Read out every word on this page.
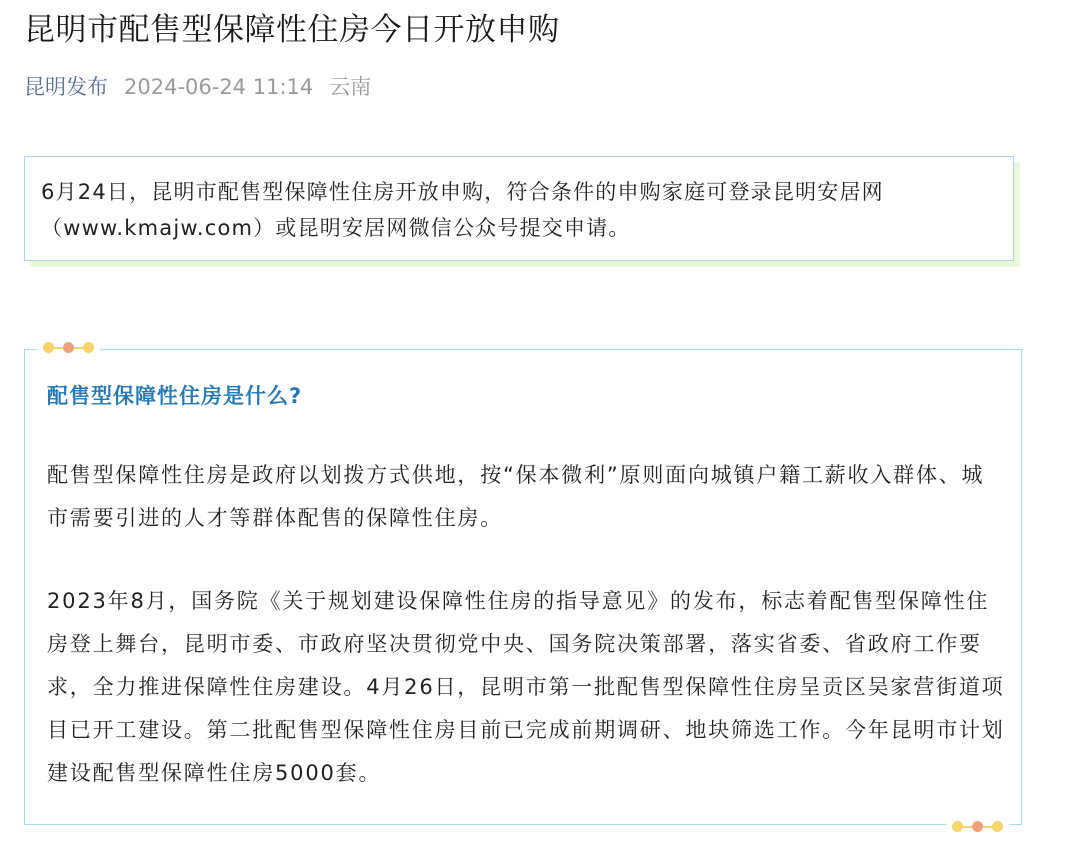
昆明市配售型保障性住房今日开放申购
昆明发布 2024-06-24 11:14 云南
6月24日，昆明市配售型保障性住房开放申购，符合条件的申购家庭可登录昆明安居网（www.kmajw.com）或昆明安居网微信公众号提交申请。
配售型保障性住房是什么?
配售型保障性住房是政府以划拨方式供地，按“保本微利”原则面向城镇户籍工薪收入群体、城市需要引进的人才等群体配售的保障性住房。
2023年8月，国务院《关于规划建设保障性住房的指导意见》的发布，标志着配售型保障性住房登上舞台，昆明市委、市政府坚决贯彻党中央、国务院决策部署，落实省委、省政府工作要求，全力推进保障性住房建设。4月26日，昆明市第一批配售型保障性住房呈贡区吴家营街道项目已开工建设。第二批配售型保障性住房目前已完成前期调研、地块筛选工作。今年昆明市计划建设配售型保障性住房5000套。
